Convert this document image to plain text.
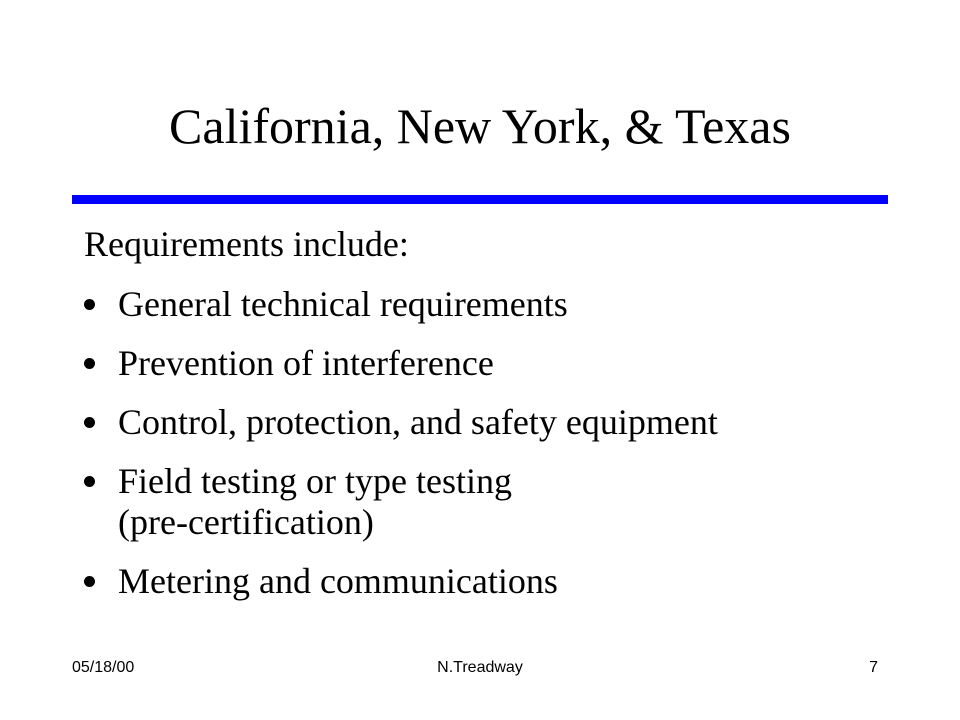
California, New York, & Texas
Requirements include:
General technical requirements
Prevention of interference
Control, protection, and safety equipment
Field testing or type testing
(pre-certification)
Metering and communications
05/18/00	N.Treadway	7
